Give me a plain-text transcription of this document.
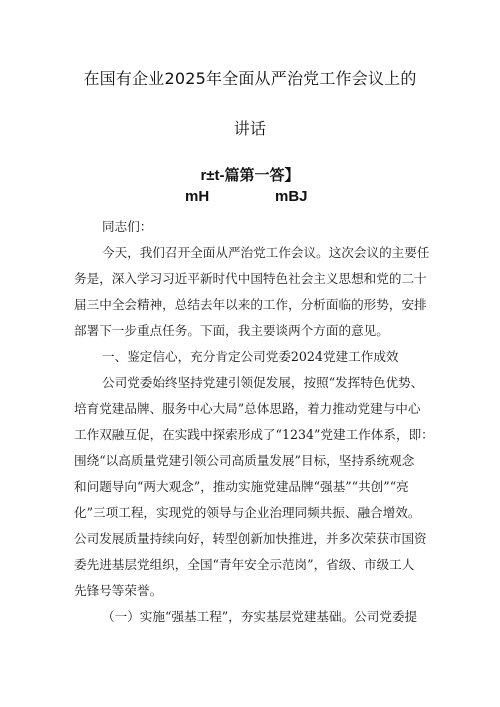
在国有企业2025年全面从严治党工作会议上的
讲话
r±t-篇第一答】
mH	mBJ
同志们：
今天，我们召开全面从严治党工作会议。这次会议的主要任
务是，深入学习习近平新时代中国特色社会主义思想和党的二十
届三中全会精神，总结去年以来的工作，分析面临的形势，安排
部署下一步重点任务。下面，我主要谈两个方面的意见。
一、鉴定信心，充分肯定公司党委2024党建工作成效
公司党委始终坚持党建引领促发展，按照“发挥特色优势、
培育党建品牌、服务中心大局”总体思路，着力推动党建与中心
工作双融互促，在实践中探索形成了“1234”党建工作体系，即：
围绕“以高质量党建引领公司高质量发展”目标，坚持系统观念
和问题导向“两大观念”，推动实施党建品牌“强基”“共创”“亮
化”三项工程，实现党的领导与企业治理同频共振、融合增效。
公司发展质量持续向好，转型创新加快推进，并多次荣获市国资
委先进基层党组织，全国“青年安全示范岗”，省级、市级工人
先锋号等荣誉。
（一）实施“强基工程”，夯实基层党建基础。公司党委提
